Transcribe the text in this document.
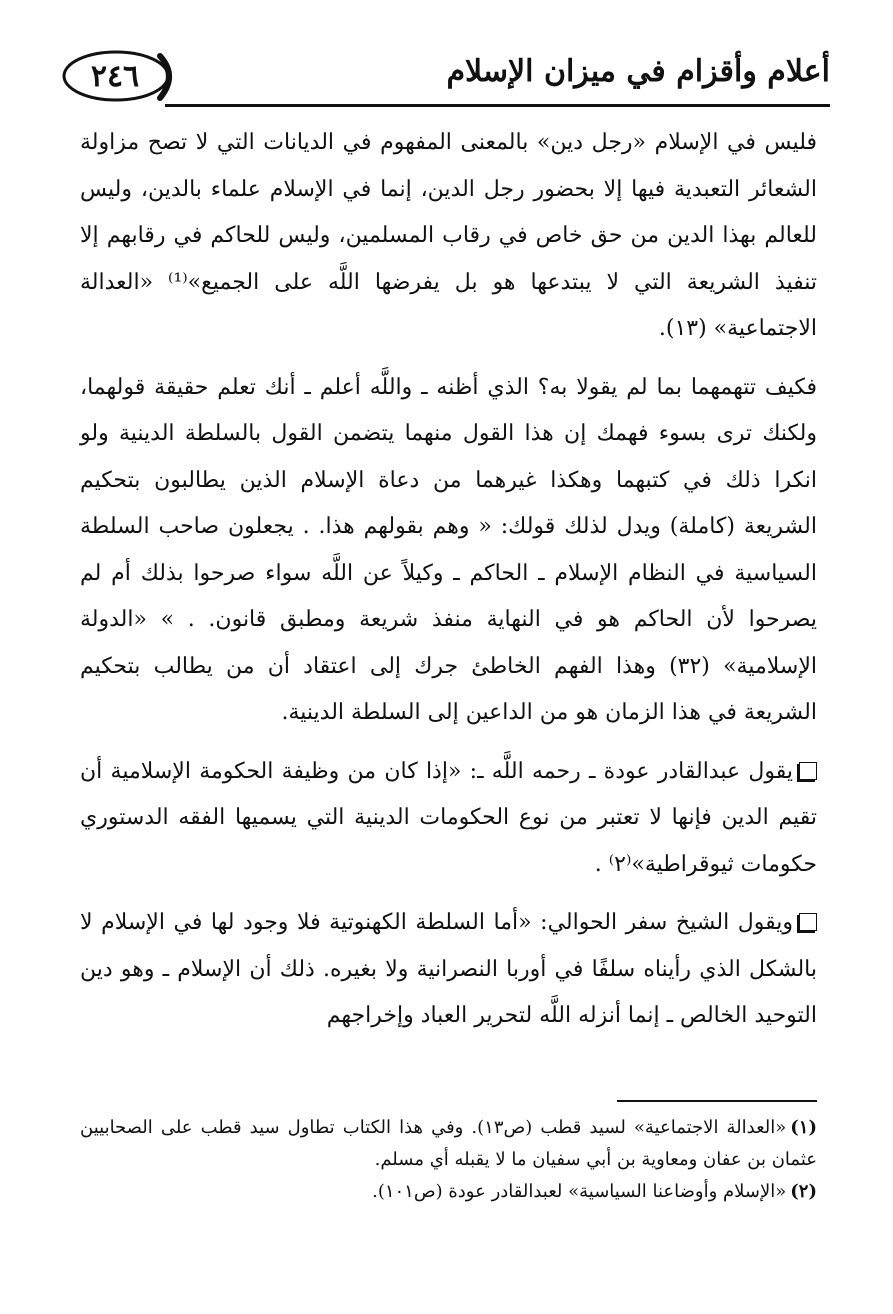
٢٤٦	أعلام وأقزام في ميزان الإسلام

فليس في الإسلام «رجل دين» بالمعنى المفهوم في الديانات التي لا تصح مزاولة الشعائر التعبدية فيها إلا بحضور رجل الدين، إنما في الإسلام علماء بالدين، وليس للعالم بهذا الدين من حق خاص في رقاب المسلمين، وليس للحاكم في رقابهم إلا تنفيذ الشريعة التي لا يبتدعها هو بل يفرضها اللَّه على الجميع»⁽¹⁾ «العدالة الاجتماعية» (١٣).

فكيف تتهمهما بما لم يقولا به؟ الذي أظنه ـ واللَّه أعلم ـ أنك تعلم حقيقة قولهما، ولكنك ترى بسوء فهمك إن هذا القول منهما يتضمن القول بالسلطة الدينية ولو انكرا ذلك في كتبهما وهكذا غيرهما من دعاة الإسلام الذين يطالبون بتحكيم الشريعة (كاملة) ويدل لذلك قولك: « وهم بقولهم هذا. . يجعلون صاحب السلطة السياسية في النظام الإسلام ـ الحاكم ـ وكيلاً عن اللَّه سواء صرحوا بذلك أم لم يصرحوا لأن الحاكم هو في النهاية منفذ شريعة ومطبق قانون. . » «الدولة الإسلامية» (٣٢) وهذا الفهم الخاطئ جرك إلى اعتقاد أن من يطالب بتحكيم الشريعة في هذا الزمان هو من الداعين إلى السلطة الدينية.

يقول عبدالقادر عودة ـ رحمه اللَّه ـ: «إذا كان من وظيفة الحكومة الإسلامية أن تقيم الدين فإنها لا تعتبر من نوع الحكومات الدينية التي يسميها الفقه الدستوري حكومات ثيوقراطية»⁽٢⁾ .

ويقول الشيخ سفر الحوالي: «أما السلطة الكهنوتية فلا وجود لها في الإسلام لا بالشكل الذي رأيناه سلفًا في أوربا النصرانية ولا بغيره. ذلك أن الإسلام ـ وهو دين التوحيد الخالص ـ إنما أنزله اللَّه لتحرير العباد وإخراجهم

(١)«العدالة الاجتماعية» لسيد قطب (ص١٣). وفي هذا الكتاب تطاول سيد قطب على الصحابيين عثمان بن عفان ومعاوية بن أبي سفيان ما لا يقبله أي مسلم.

(٢)«الإسلام وأوضاعنا السياسية» لعبدالقادر عودة (ص١٠١).
